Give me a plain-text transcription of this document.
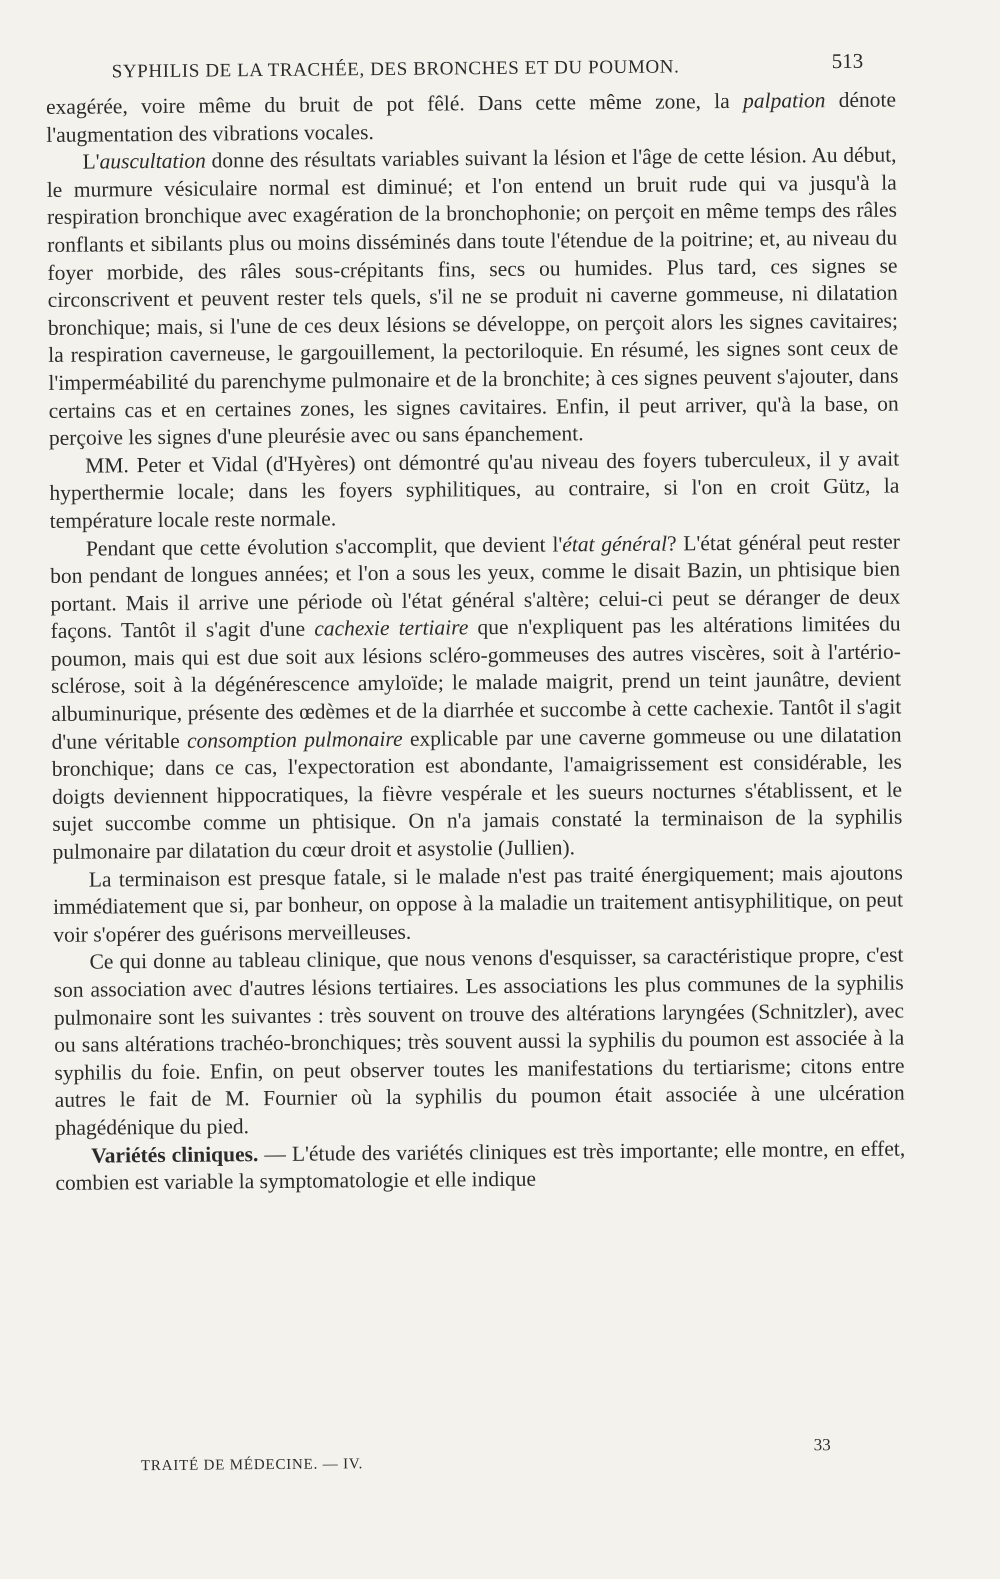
SYPHILIS DE LA TRACHÉE, DES BRONCHES ET DU POUMON.	513

exagérée, voire même du bruit de pot fêlé. Dans cette même zone, la palpation dénote l'augmentation des vibrations vocales.

L'auscultation donne des résultats variables suivant la lésion et l'âge de cette lésion. Au début, le murmure vésiculaire normal est diminué; et l'on entend un bruit rude qui va jusqu'à la respiration bronchique avec exagération de la bronchophonie; on perçoit en même temps des râles ronflants et sibilants plus ou moins disséminés dans toute l'étendue de la poitrine; et, au niveau du foyer morbide, des râles sous-crépitants fins, secs ou humides. Plus tard, ces signes se circonscrivent et peuvent rester tels quels, s'il ne se produit ni caverne gommeuse, ni dilatation bronchique; mais, si l'une de ces deux lésions se développe, on perçoit alors les signes cavitaires; la respiration caverneuse, le gargouillement, la pectoriloquie. En résumé, les signes sont ceux de l'imperméabilité du parenchyme pulmonaire et de la bronchite; à ces signes peuvent s'ajouter, dans certains cas et en certaines zones, les signes cavitaires. Enfin, il peut arriver, qu'à la base, on perçoive les signes d'une pleurésie avec ou sans épanchement.

MM. Peter et Vidal (d'Hyères) ont démontré qu'au niveau des foyers tuberculeux, il y avait hyperthermie locale; dans les foyers syphilitiques, au contraire, si l'on en croit Gütz, la température locale reste normale.

Pendant que cette évolution s'accomplit, que devient l'état général? L'état général peut rester bon pendant de longues années; et l'on a sous les yeux, comme le disait Bazin, un phtisique bien portant. Mais il arrive une période où l'état général s'altère; celui-ci peut se déranger de deux façons. Tantôt il s'agit d'une cachexie tertiaire que n'expliquent pas les altérations limitées du poumon, mais qui est due soit aux lésions scléro-gommeuses des autres viscères, soit à l'artério-sclérose, soit à la dégénérescence amyloïde; le malade maigrit, prend un teint jaunâtre, devient albuminurique, présente des œdèmes et de la diarrhée et succombe à cette cachexie. Tantôt il s'agit d'une véritable consomption pulmonaire explicable par une caverne gommeuse ou une dilatation bronchique; dans ce cas, l'expectoration est abondante, l'amaigrissement est considérable, les doigts deviennent hippocratiques, la fièvre vespérale et les sueurs nocturnes s'établissent, et le sujet succombe comme un phtisique. On n'a jamais constaté la terminaison de la syphilis pulmonaire par dilatation du cœur droit et asystolie (Jullien).

La terminaison est presque fatale, si le malade n'est pas traité énergiquement; mais ajoutons immédiatement que si, par bonheur, on oppose à la maladie un traitement antisyphilitique, on peut voir s'opérer des guérisons merveilleuses.

Ce qui donne au tableau clinique, que nous venons d'esquisser, sa caractéristique propre, c'est son association avec d'autres lésions tertiaires. Les associations les plus communes de la syphilis pulmonaire sont les suivantes : très souvent on trouve des altérations laryngées (Schnitzler), avec ou sans altérations trachéo-bronchiques; très souvent aussi la syphilis du poumon est associée à la syphilis du foie. Enfin, on peut observer toutes les manifestations du tertiarisme; citons entre autres le fait de M. Fournier où la syphilis du poumon était associée à une ulcération phagédénique du pied.

Variétés cliniques. — L'étude des variétés cliniques est très importante; elle montre, en effet, combien est variable la symptomatologie et elle indique

TRAITÉ DE MÉDECINE. — IV.
33
